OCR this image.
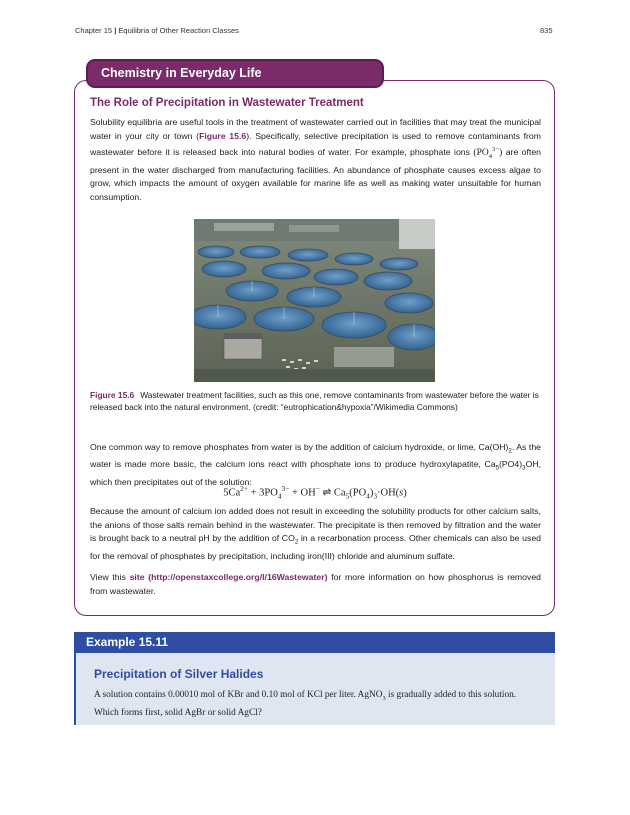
Chapter 15 | Equilibria of Other Reaction Classes	835
Chemistry in Everyday Life
The Role of Precipitation in Wastewater Treatment

Solubility equilibria are useful tools in the treatment of wastewater carried out in facilities that may treat the municipal water in your city or town (Figure 15.6). Specifically, selective precipitation is used to remove contaminants from wastewater before it is released back into natural bodies of water. For example, phosphate ions $(PO_4^{3-})$ are often present in the water discharged from manufacturing facilities. An abundance of phosphate causes excess algae to grow, which impacts the amount of oxygen available for marine life as well as making water unsuitable for human consumption.

Figure 15.6 Wastewater treatment facilities, such as this one, remove contaminants from wastewater before the water is released back into the natural environment. (credit: “eutrophication&hypoxia”/Wikimedia Commons)

One common way to remove phosphates from water is by the addition of calcium hydroxide, or lime, $Ca(OH)_2$. As the water is made more basic, the calcium ions react with phosphate ions to produce hydroxylapatite, $Ca_5(PO4)_3OH$, which then precipitates out of the solution:

$5Ca^{2+} + 3PO_4^{3-} + OH^-$ ⇌ $Ca_5(PO_4)_3\cdot OH(s)$

Because the amount of calcium ion added does not result in exceeding the solubility products for other calcium salts, the anions of those salts remain behind in the wastewater. The precipitate is then removed by filtration and the water is brought back to a neutral pH by the addition of $CO_2$ in a recarbonation process. Other chemicals can also be used for the removal of phosphates by precipitation, including iron(III) chloride and aluminum sulfate.

View this site (http://openstaxcollege.org/l/16Wastewater) for more information on how phosphorus is removed from wastewater.

Example 15.11
Precipitation of Silver Halides

A solution contains 0.00010 mol of KBr and 0.10 mol of KCl per liter. AgNO$_3$ is gradually added to this solution. Which forms first, solid AgBr or solid AgCl?
